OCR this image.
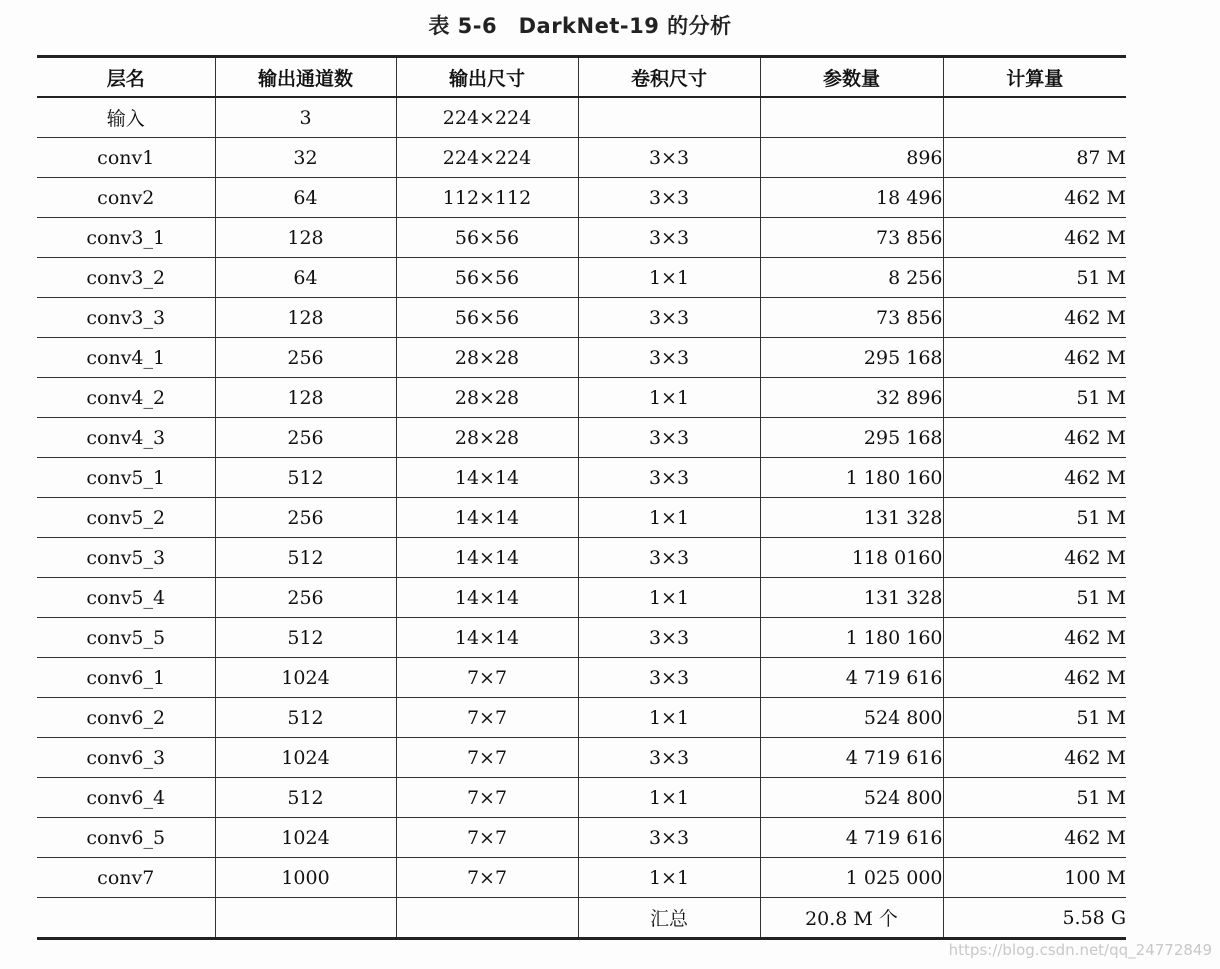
表 5-6　DarkNet-19 的分析
层名	输出通道数	输出尺寸	卷积尺寸	参数量	计算量
输入	3	224×224			
conv1	32	224×224	3×3	896	87 M
conv2	64	112×112	3×3	18 496	462 M
conv3_1	128	56×56	3×3	73 856	462 M
conv3_2	64	56×56	1×1	8 256	51 M
conv3_3	128	56×56	3×3	73 856	462 M
conv4_1	256	28×28	3×3	295 168	462 M
conv4_2	128	28×28	1×1	32 896	51 M
conv4_3	256	28×28	3×3	295 168	462 M
conv5_1	512	14×14	3×3	1 180 160	462 M
conv5_2	256	14×14	1×1	131 328	51 M
conv5_3	512	14×14	3×3	118 0160	462 M
conv5_4	256	14×14	1×1	131 328	51 M
conv5_5	512	14×14	3×3	1 180 160	462 M
conv6_1	1024	7×7	3×3	4 719 616	462 M
conv6_2	512	7×7	1×1	524 800	51 M
conv6_3	1024	7×7	3×3	4 719 616	462 M
conv6_4	512	7×7	1×1	524 800	51 M
conv6_5	1024	7×7	3×3	4 719 616	462 M
conv7	1000	7×7	1×1	1 025 000	100 M
			汇总	20.8 M 个	5.58 G
https://blog.csdn.net/qq_24772849
